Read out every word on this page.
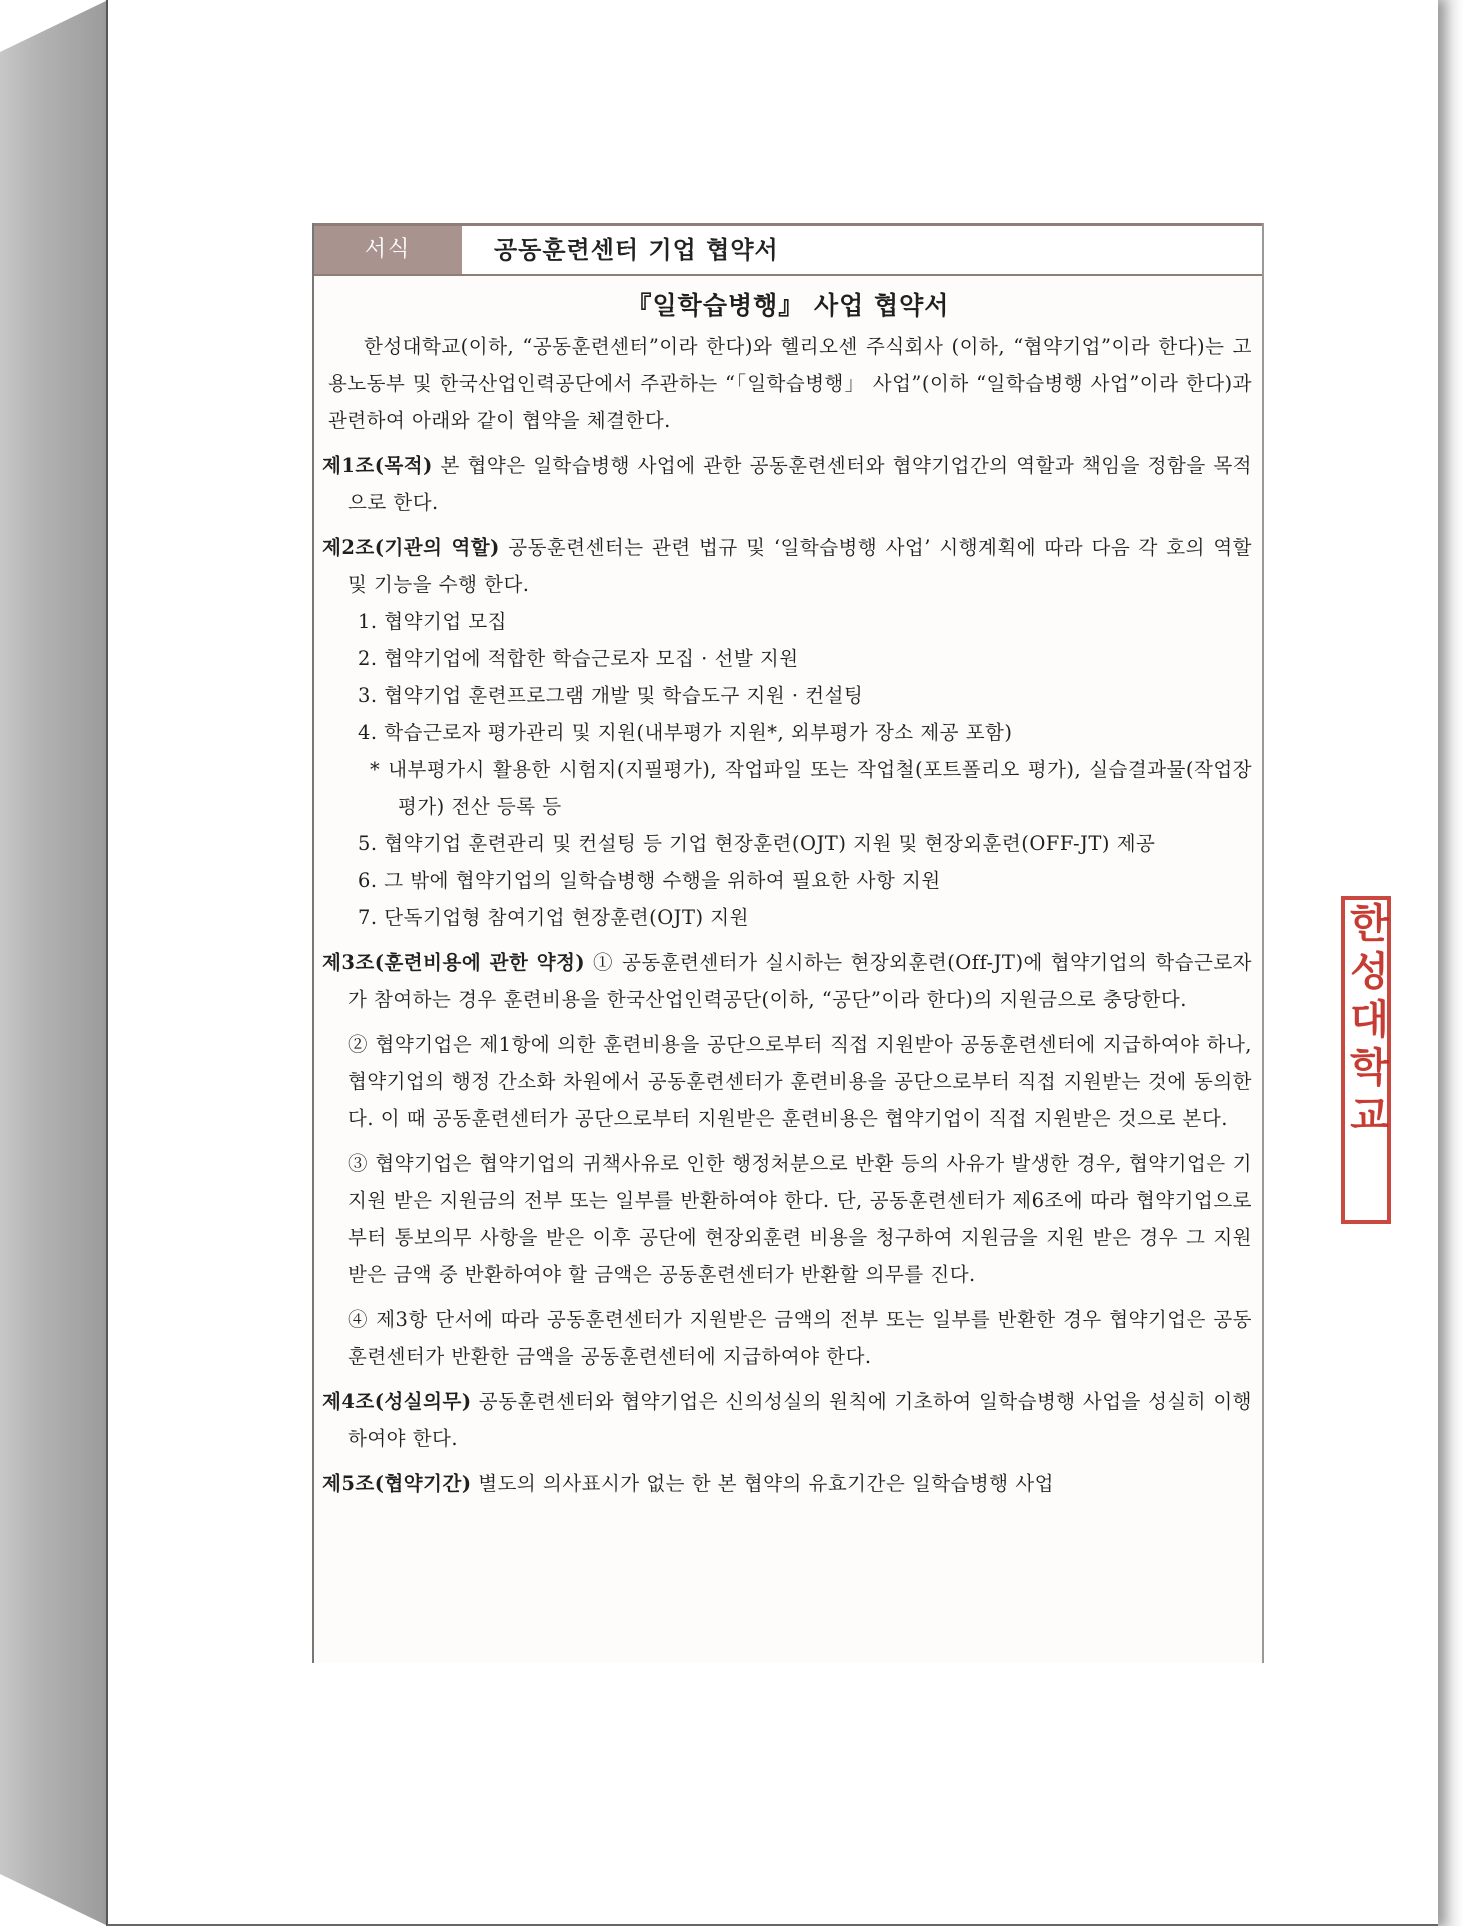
서식	공동훈련센터 기업 협약서
『일학습병행』 사업 협약서

한성대학교(이하, “공동훈련센터”이라 한다)와 헬리오센 주식회사 (이하, “협약기업”이라 한다)는 고용노동부 및 한국산업인력공단에서 주관하는 “「일학습병행」 사업”(이하 “일학습병행 사업”이라 한다)과 관련하여 아래와 같이 협약을 체결한다.

제1조(목적) 본 협약은 일학습병행 사업에 관한 공동훈련센터와 협약기업간의 역할과 책임을 정함을 목적으로 한다.

제2조(기관의 역할) 공동훈련센터는 관련 법규 및 ‘일학습병행 사업’ 시행계획에 따라 다음 각 호의 역할 및 기능을 수행 한다.

1. 협약기업 모집

2. 협약기업에 적합한 학습근로자 모집 · 선발 지원

3. 협약기업 훈련프로그램 개발 및 학습도구 지원 · 컨설팅

4. 학습근로자 평가관리 및 지원(내부평가 지원*, 외부평가 장소 제공 포함)

* 내부평가시 활용한 시험지(지필평가), 작업파일 또는 작업철(포트폴리오 평가), 실습결과물(작업장 평가) 전산 등록 등

5. 협약기업 훈련관리 및 컨설팅 등 기업 현장훈련(OJT) 지원 및 현장외훈련(OFF-JT) 제공

6. 그 밖에 협약기업의 일학습병행 수행을 위하여 필요한 사항 지원

7. 단독기업형 참여기업 현장훈련(OJT) 지원

제3조(훈련비용에 관한 약정) ① 공동훈련센터가 실시하는 현장외훈련(Off-JT)에 협약기업의 학습근로자가 참여하는 경우 훈련비용을 한국산업인력공단(이하, “공단”이라 한다)의 지원금으로 충당한다.

② 협약기업은 제1항에 의한 훈련비용을 공단으로부터 직접 지원받아 공동훈련센터에 지급하여야 하나, 협약기업의 행정 간소화 차원에서 공동훈련센터가 훈련비용을 공단으로부터 직접 지원받는 것에 동의한다. 이 때 공동훈련센터가 공단으로부터 지원받은 훈련비용은 협약기업이 직접 지원받은 것으로 본다.

③ 협약기업은 협약기업의 귀책사유로 인한 행정처분으로 반환 등의 사유가 발생한 경우, 협약기업은 기지원 받은 지원금의 전부 또는 일부를 반환하여야 한다. 단, 공동훈련센터가 제6조에 따라 협약기업으로부터 통보의무 사항을 받은 이후 공단에 현장외훈련 비용을 청구하여 지원금을 지원 받은 경우 그 지원 받은 금액 중 반환하여야 할 금액은 공동훈련센터가 반환할 의무를 진다.

④ 제3항 단서에 따라 공동훈련센터가 지원받은 금액의 전부 또는 일부를 반환한 경우 협약기업은 공동훈련센터가 반환한 금액을 공동훈련센터에 지급하여야 한다.

제4조(성실의무) 공동훈련센터와 협약기업은 신의성실의 원칙에 기초하여 일학습병행 사업을 성실히 이행하여야 한다.

제5조(협약기간) 별도의 의사표시가 없는 한 본 협약의 유효기간은 일학습병행 사업

한성대학교
